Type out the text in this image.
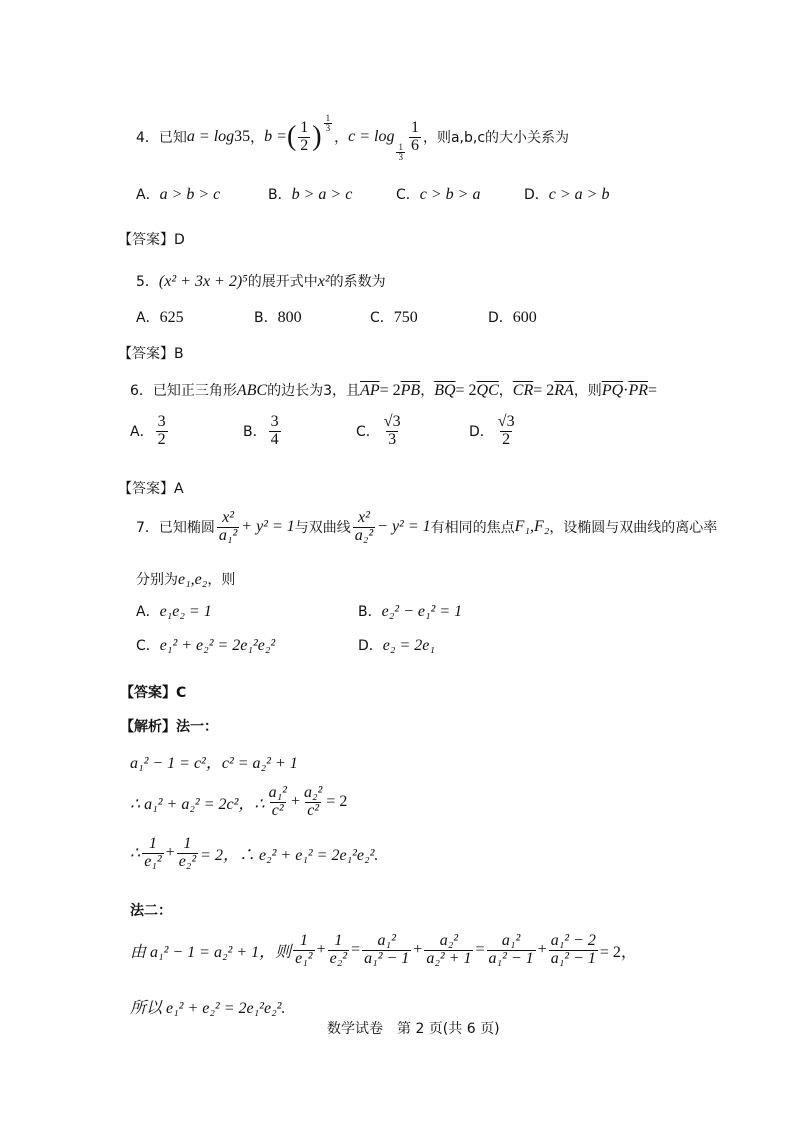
4． 已知 a = log 3 5 ， b = ( $\frac{1}{2}$ ) $\frac{1}{3}$
， c = log
$\frac{1}{3} \frac{1}{6}$ ，则a,b,c的大小关系为
A．a > b > c	B．b > a > c	C．c > b > a	D．c > a > b
【答案】D
5．(x² + 3x + 2)⁵的展开式中x²的系数为
A．625	B．800	C．750	D．600
【答案】B
6．已知正三角形ABC的边长为3，且$\overline{AP}= 2\overline{PB}$，$\overline{BQ}= 2\overline{QC}$，$\overline{CR}= 2\overline{RA}$，则$\overline{PQ}\cdot\overline{PR}=$
A． $\frac{3}{2}$	B． $\frac{3}{4}$	C． $\frac{√3}{3}$	D． $\frac{√3}{2}$
【答案】A
7． 已知椭圆 $\frac{\text{x²}}{\text{a₁²}} + y^2 = 1$ 与双曲线 $\frac{\text{x²}}{\text{a₂²}} - y^2 = 1$ 有相同的焦点 F₁,F₂ ，设椭圆与双曲线的离心率
分别为e₁,e₂，则
A．e₁e₂ = 1	B．e₂² − e₁² = 1
C．e₁² + e₂² = 2e₁²e₂²	D．e₂ = 2e₁
【答案】C
【解析】法一：
a₁² − 1 = c²，c² = a₂² + 1
∴ a₁² + a₂² = 2c²，∴ $\frac{\text{a₁²}}{\text{c²}} + \frac{\text{a₂²}}{\text{c²}} = 2$
∴ $\frac{1}{\text{e₁²}} + \frac{1}{\text{e₂²}} = 2$，∴ e₂² + e₁² = 2e₁²e₂².
法二：
由 a₁² − 1 = a₂² + 1，则 $\frac{1}{\text{e₁²}} + \frac{1}{\text{e₂²}} = \frac{\text{a₁²}}{\text{a₁² − 1}} + \frac{\text{a₂²}}{\text{a₂² + 1}} = \frac{\text{a₁²}}{\text{a₁² − 1}} + \frac{\text{a₁² − 2}}{\text{a₁² − 1}} = 2$，
所以 e₁² + e₂² = 2e₁²e₂².
数学试卷　第 2 页(共 6 页)
